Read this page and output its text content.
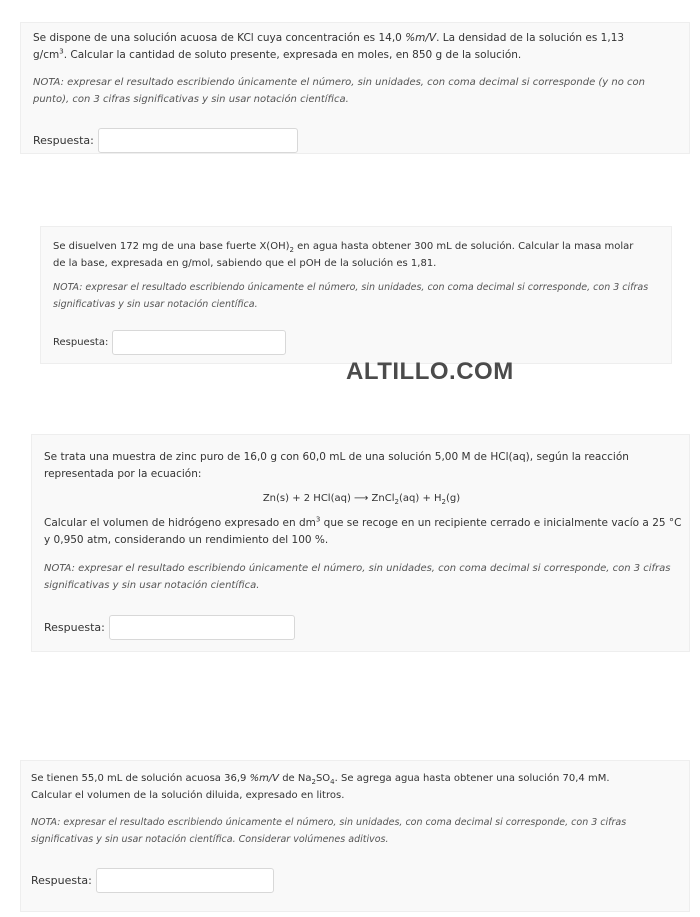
Se dispone de una solución acuosa de KCl cuya concentración es 14,0 %m/V. La densidad de la solución es 1,13 $g/cm^3$. Calcular la cantidad de soluto presente, expresada en moles, en 850 g de la solución.

NOTA: expresar el resultado escribiendo únicamente el número, sin unidades, con coma decimal si corresponde (y no con punto), con 3 cifras significativas y sin usar notación científica.

Respuesta:

Se disuelven 172 mg de una base fuerte $X(OH)_2$ en agua hasta obtener 300 mL de solución. Calcular la masa molar de la base, expresada en g/mol, sabiendo que el pOH de la solución es 1,81.

NOTA: expresar el resultado escribiendo únicamente el número, sin unidades, con coma decimal si corresponde, con 3 cifras significativas y sin usar notación científica.

Respuesta:
ALTILLO.COM

Se trata una muestra de zinc puro de 16,0 g con 60,0 mL de una solución 5,00 M de HCl(aq), según la reacción representada por la ecuación:

Zn(s) + 2 HCl(aq) ⟶ ZnCl$_2$(aq) + $H_2(g)$

Calcular el volumen de hidrógeno expresado en $dm^3$ que se recoge en un recipiente cerrado e inicialmente vacío a 25 °C y 0,950 atm, considerando un rendimiento del 100 %.

NOTA: expresar el resultado escribiendo únicamente el número, sin unidades, con coma decimal si corresponde, con 3 cifras significativas y sin usar notación científica.

Respuesta:

Se tienen 55,0 mL de solución acuosa 36,9 %m/V de $Na_2SO_4$. Se agrega agua hasta obtener una solución 70,4 mM. Calcular el volumen de la solución diluida, expresado en litros.

NOTA: expresar el resultado escribiendo únicamente el número, sin unidades, con coma decimal si corresponde, con 3 cifras significativas y sin usar notación científica. Considerar volúmenes aditivos.

Respuesta:
